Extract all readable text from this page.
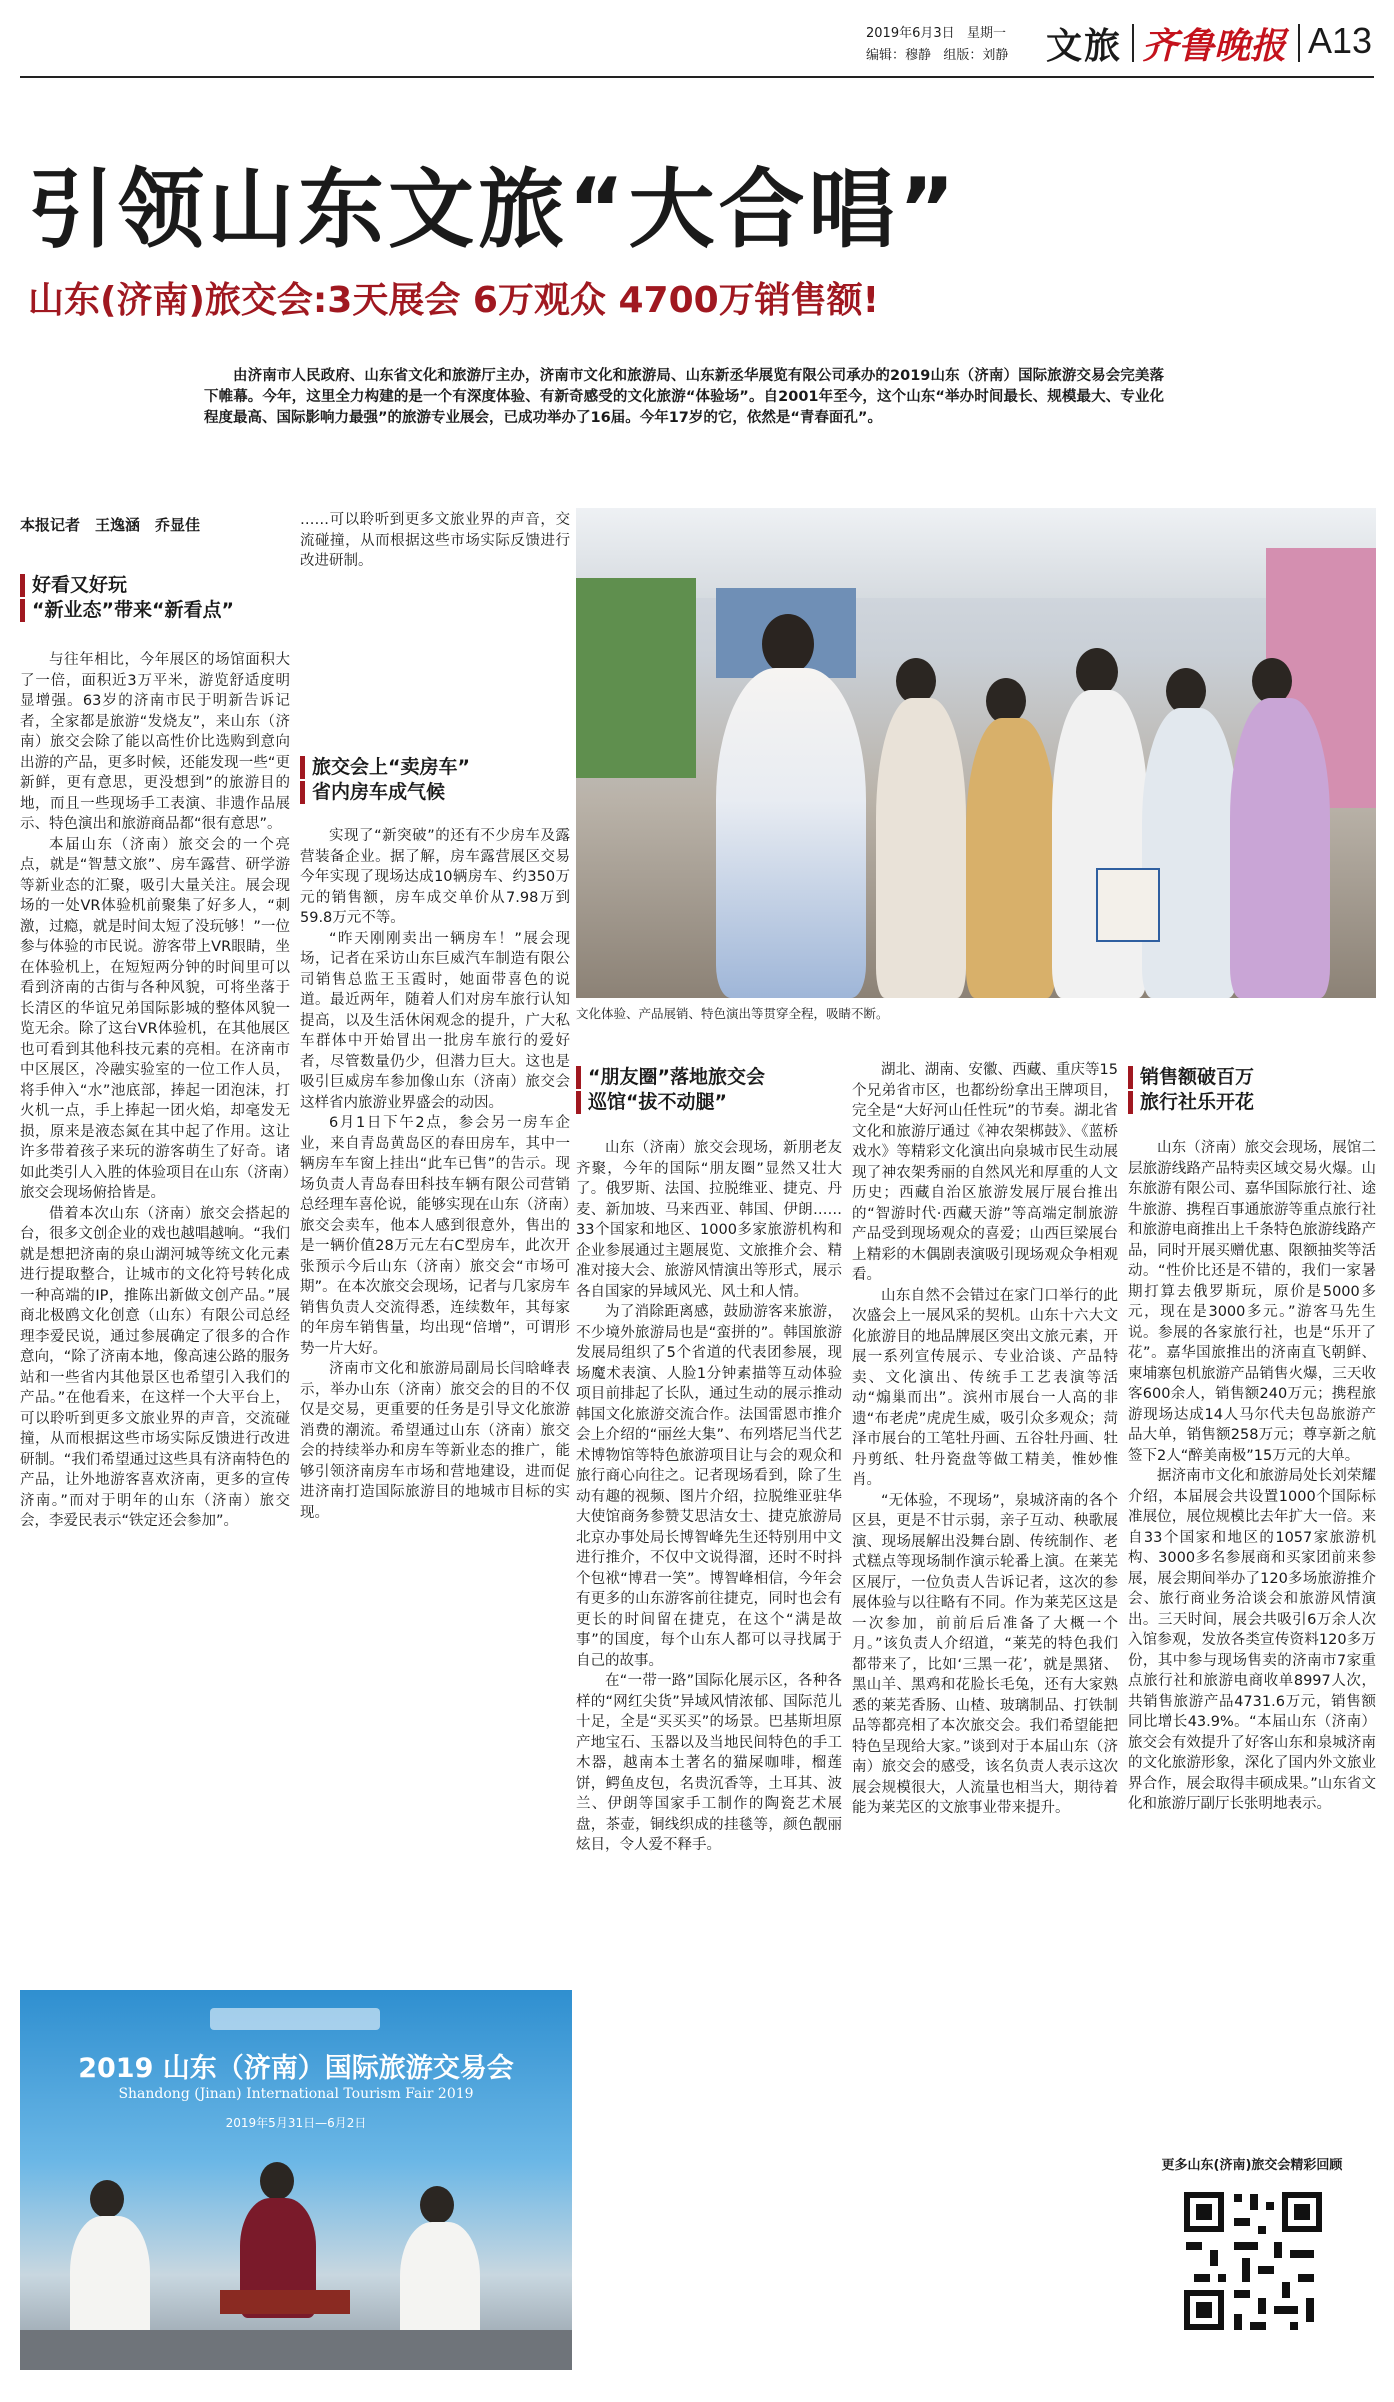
2019年6月3日 星期一
编辑：穆静 组版：刘静	文旅 齐鲁晚报 A13
引领山东文旅“大合唱”
山东(济南)旅交会:3天展会 6万观众 4700万销售额!

由济南市人民政府、山东省文化和旅游厅主办，济南市文化和旅游局、山东新丞华展览有限公司承办的2019山东（济南）国际旅游交易会完美落下帷幕。今年，这里全力构建的是一个有深度体验、有新奇感受的文化旅游“体验场”。自2001年至今，这个山东“举办时间最长、规模最大、专业化程度最高、国际影响力最强”的旅游专业展会，已成功举办了16届。今年17岁的它，依然是“青春面孔”。

本报记者　王逸涵　乔显佳
好看又好玩
“新业态”带来“新看点”

与往年相比，今年展区的场馆面积大了一倍，面积近3万平米，游览舒适度明显增强。63岁的济南市民于明新告诉记者，全家都是旅游“发烧友”，来山东（济南）旅交会除了能以高性价比选购到意向出游的产品，更多时候，还能发现一些“更新鲜，更有意思，更没想到”的旅游目的地，而且一些现场手工表演、非遗作品展示、特色演出和旅游商品都“很有意思”。

本届山东（济南）旅交会的一个亮点，就是“智慧文旅”、房车露营、研学游等新业态的汇聚，吸引大量关注。展会现场的一处VR体验机前聚集了好多人，“刺激，过瘾，就是时间太短了没玩够！”一位参与体验的市民说。游客带上VR眼睛，坐在体验机上，在短短两分钟的时间里可以看到济南的古街与各种风貌，可将坐落于长清区的华谊兄弟国际影城的整体风貌一览无余。除了这台VR体验机，在其他展区也可看到其他科技元素的亮相。在济南市中区展区，冷融实验室的一位工作人员，将手伸入“水”池底部，捧起一团泡沫，打火机一点，手上捧起一团火焰，却毫发无损，原来是液态氮在其中起了作用。这让许多带着孩子来玩的游客萌生了好奇。诸如此类引人入胜的体验项目在山东（济南）旅交会现场俯拾皆是。

借着本次山东（济南）旅交会搭起的台，很多文创企业的戏也越唱越响。“我们就是想把济南的泉山湖河城等统文化元素进行提取整合，让城市的文化符号转化成一种高端的IP，推陈出新做文创产品。”展商北极鸥文化创意（山东）有限公司总经理李爱民说，通过参展确定了很多的合作意向，“除了济南本地，像高速公路的服务站和一些省内其他景区也希望引入我们的产品。”在他看来，在这样一个大平台上，可以聆听到更多文旅业界的声音，交流碰撞，从而根据这些市场实际反馈进行改进研制。“我们希望通过这些具有济南特色的产品，让外地游客喜欢济南，更多的宣传济南。”而对于明年的山东（济南）旅交会，李爱民表示“铁定还会参加”。

……可以聆听到更多文旅业界的声音，交流碰撞，从而根据这些市场实际反馈进行改进研制。

旅交会上“卖房车”
省内房车成气候

实现了“新突破”的还有不少房车及露营装备企业。据了解，房车露营展区交易今年实现了现场达成10辆房车、约350万元的销售额，房车成交单价从7.98万到59.8万元不等。

“昨天刚刚卖出一辆房车！”展会现场，记者在采访山东巨威汽车制造有限公司销售总监王玉霞时，她面带喜色的说道。最近两年，随着人们对房车旅行认知提高，以及生活休闲观念的提升，广大私车群体中开始冒出一批房车旅行的爱好者，尽管数量仍少，但潜力巨大。这也是吸引巨威房车参加像山东（济南）旅交会这样省内旅游业界盛会的动因。

6月1日下午2点，参会另一房车企业，来自青岛黄岛区的春田房车，其中一辆房车车窗上挂出“此车已售”的告示。现场负责人青岛春田科技车辆有限公司营销总经理车喜伦说，能够实现在山东（济南）旅交会卖车，他本人感到很意外，售出的是一辆价值28万元左右C型房车，此次开张预示今后山东（济南）旅交会“市场可期”。在本次旅交会现场，记者与几家房车销售负责人交流得悉，连续数年，其每家的年房车销售量，均出现“倍增”，可谓形势一片大好。

济南市文化和旅游局副局长闫晗峰表示，举办山东（济南）旅交会的目的不仅仅是交易，更重要的任务是引导文化旅游消费的潮流。希望通过山东（济南）旅交会的持续举办和房车等新业态的推广，能够引领济南房车市场和营地建设，进而促进济南打造国际旅游目的地城市目标的实现。

文化体验、产品展销、特色演出等贯穿全程，吸睛不断。
2019 山东（济南）国际旅游交易会
Shandong (Jinan) International Tourism Fair 2019
2019年5月31日—6月2日
“朋友圈”落地旅交会
巡馆“拔不动腿”

山东（济南）旅交会现场，新朋老友齐聚，今年的国际“朋友圈”显然又壮大了。俄罗斯、法国、拉脱维亚、捷克、丹麦、新加坡、马来西亚、韩国、伊朗……33个国家和地区、1000多家旅游机构和企业参展通过主题展览、文旅推介会、精准对接大会、旅游风情演出等形式，展示各自国家的异域风光、风土和人情。

为了消除距离感，鼓励游客来旅游，不少境外旅游局也是“蛮拼的”。韩国旅游发展局组织了5个省道的代表团参展，现场魔术表演、人脸1分钟素描等互动体验项目前排起了长队，通过生动的展示推动韩国文化旅游交流合作。法国雷恩市推介会上介绍的“丽丝大集”、布列塔尼当代艺术博物馆等特色旅游项目让与会的观众和旅行商心向往之。记者现场看到，除了生动有趣的视频、图片介绍，拉脱维亚驻华大使馆商务参赞艾思洁女士、捷克旅游局北京办事处局长博智峰先生还特别用中文进行推介，不仅中文说得溜，还时不时抖个包袱“博君一笑”。博智峰相信，今年会有更多的山东游客前往捷克，同时也会有更长的时间留在捷克，在这个“满是故事”的国度，每个山东人都可以寻找属于自己的故事。

在“一带一路”国际化展示区，各种各样的“网红尖货”异域风情浓郁、国际范儿十足，全是“买买买”的场景。巴基斯坦原产地宝石、玉器以及当地民间特色的手工木器，越南本土著名的猫屎咖啡，榴莲饼，鳄鱼皮包，名贵沉香等，土耳其、波兰、伊朗等国家手工制作的陶瓷艺术展盘，茶壶，铜线织成的挂毯等，颜色靓丽炫目，令人爱不释手。

湖北、湖南、安徽、西藏、重庆等15个兄弟省市区，也都纷纷拿出王牌项目，完全是“大好河山任性玩”的节奏。湖北省文化和旅游厅通过《神农架梆鼓》、《蓝桥戏水》等精彩文化演出向泉城市民生动展现了神农架秀丽的自然风光和厚重的人文历史；西藏自治区旅游发展厅展台推出的“智游时代·西藏天游”等高端定制旅游产品受到现场观众的喜爱；山西巨梁展台上精彩的木偶剧表演吸引现场观众争相观看。

山东自然不会错过在家门口举行的此次盛会上一展风采的契机。山东十六大文化旅游目的地品牌展区突出文旅元素，开展一系列宣传展示、专业洽谈、产品特卖、文化演出、传统手工艺表演等活动“煽巢而出”。滨州市展台一人高的非遗“布老虎”虎虎生威，吸引众多观众；菏泽市展台的工笔牡丹画、五谷牡丹画、牡丹剪纸、牡丹瓷盘等做工精美，惟妙惟肖。

“无体验，不现场”，泉城济南的各个区县，更是不甘示弱，亲子互动、秧歌展演、现场展解出没舞台剧、传统制作、老式糕点等现场制作演示轮番上演。在莱芜区展厅，一位负责人告诉记者，这次的参展体验与以往略有不同。作为莱芜区这是一次参加，前前后后准备了大概一个月。”该负责人介绍道，“莱芜的特色我们都带来了，比如‘三黑一花’，就是黑猪、黑山羊、黑鸡和花脸长毛兔，还有大家熟悉的莱芜香肠、山楂、玻璃制品、打铁制品等都亮相了本次旅交会。我们希望能把特色呈现给大家。”谈到对于本届山东（济南）旅交会的感受，该名负责人表示这次展会规模很大，人流量也相当大，期待着能为莱芜区的文旅事业带来提升。

销售额破百万
旅行社乐开花

山东（济南）旅交会现场，展馆二层旅游线路产品特卖区域交易火爆。山东旅游有限公司、嘉华国际旅行社、途牛旅游、携程百事通旅游等重点旅行社和旅游电商推出上千条特色旅游线路产品，同时开展买赠优惠、限额抽奖等活动。“性价比还是不错的，我们一家暑期打算去俄罗斯玩，原价是5000多元，现在是3000多元。”游客马先生说。参展的各家旅行社，也是“乐开了花”。嘉华国旅推出的济南直飞朝鲜、柬埔寨包机旅游产品销售火爆，三天收客600余人，销售额240万元；携程旅游现场达成14人马尔代夫包岛旅游产品大单，销售额258万元；尊享新之航签下2人“醉美南极”15万元的大单。

据济南市文化和旅游局处长刘荣耀介绍，本届展会共设置1000个国际标准展位，展位规模比去年扩大一倍。来自33个国家和地区的1057家旅游机构、3000多名参展商和买家团前来参展，展会期间举办了120多场旅游推介会、旅行商业务洽谈会和旅游风情演出。三天时间，展会共吸引6万余人次入馆参观，发放各类宣传资料120多万份，其中参与现场售卖的济南市7家重点旅行社和旅游电商收单8997人次，共销售旅游产品4731.6万元，销售额同比增长43.9%。“本届山东（济南）旅交会有效提升了好客山东和泉城济南的文化旅游形象，深化了国内外文旅业界合作，展会取得丰硕成果。”山东省文化和旅游厅副厅长张明地表示。

更多山东(济南)旅交会精彩回顾
